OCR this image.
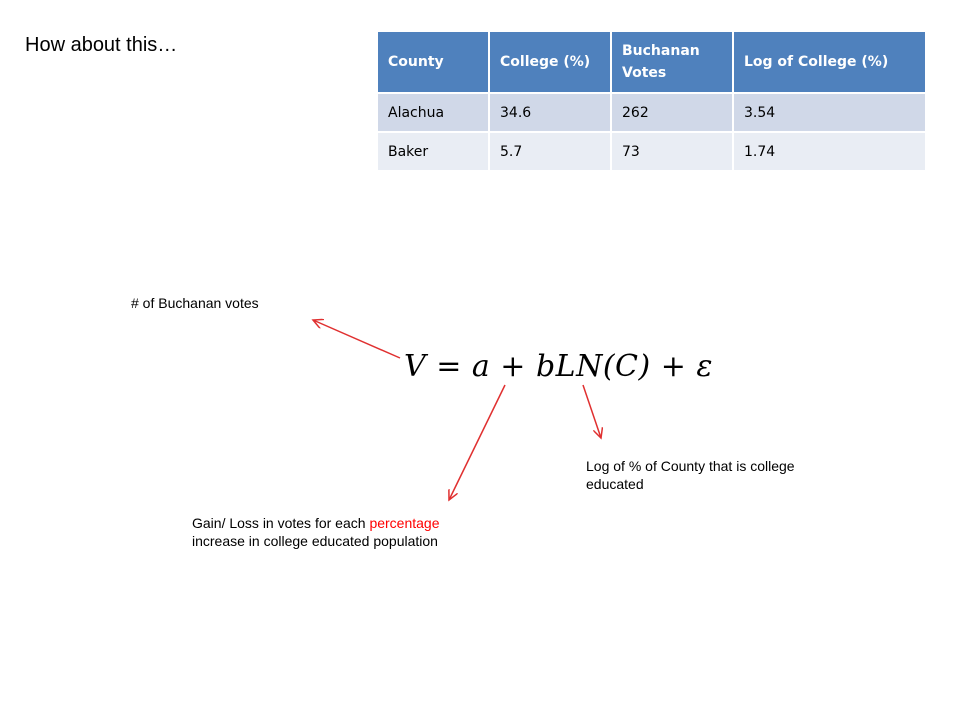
How about this…
County	College (%)	Buchanan Votes	Log of College (%)
Alachua	34.6	262	3.54
Baker	5.7	73	1.74
# of Buchanan votes
V = a + bLN(C) + ε
Log of % of County that is college educated
Gain/ Loss in votes for each percentage increase in college educated population
